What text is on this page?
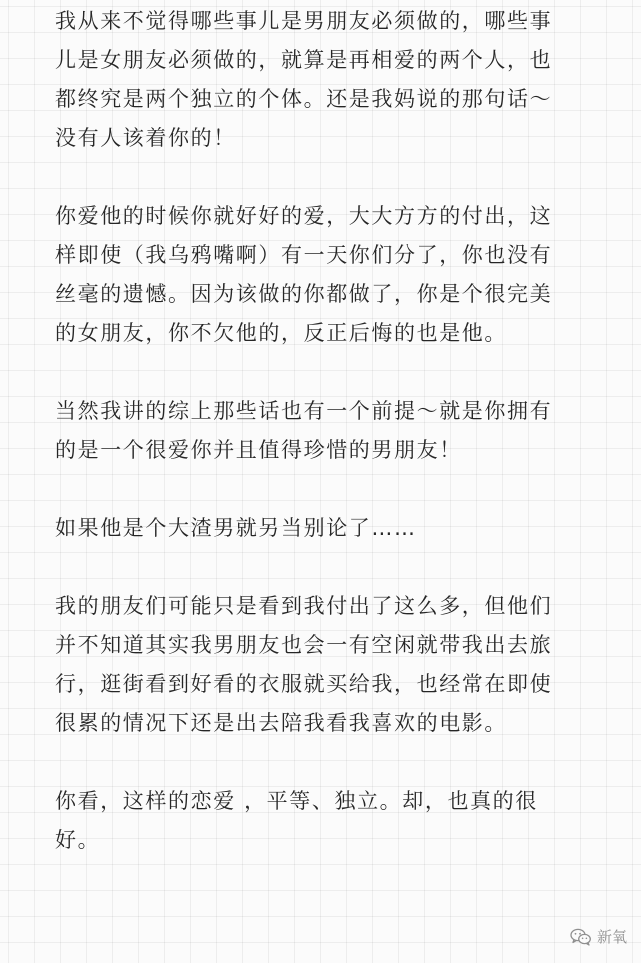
我从来不觉得哪些事儿是男朋友必须做的，哪些事
儿是女朋友必须做的，就算是再相爱的两个人，也
都终究是两个独立的个体。还是我妈说的那句话～
没有人该着你的！

你爱他的时候你就好好的爱，大大方方的付出，这
样即使（我乌鸦嘴啊）有一天你们分了，你也没有
丝毫的遗憾。因为该做的你都做了，你是个很完美
的女朋友，你不欠他的，反正后悔的也是他。

当然我讲的综上那些话也有一个前提～就是你拥有
的是一个很爱你并且值得珍惜的男朋友！

如果他是个大渣男就另当别论了……

我的朋友们可能只是看到我付出了这么多，但他们
并不知道其实我男朋友也会一有空闲就带我出去旅
行，逛街看到好看的衣服就买给我，也经常在即使
很累的情况下还是出去陪我看我喜欢的电影。

你看，这样的恋爱 ，平等、独立。却，也真的很
好。

新氧
